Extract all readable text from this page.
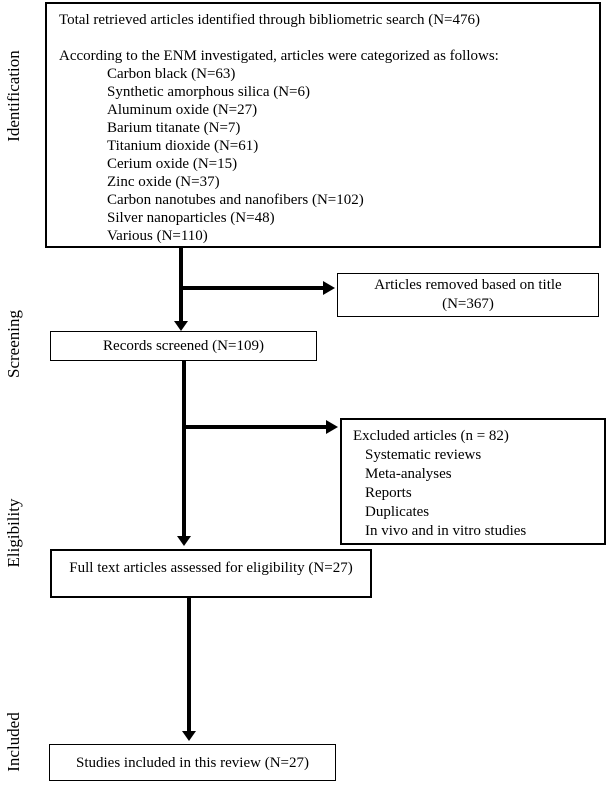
Identification
Screening
Eligibility
Included
Total retrieved articles identified through bibliometric search (N=476)
According to the ENM investigated, articles were categorized as follows:
Carbon black (N=63)
Synthetic amorphous silica (N=6)
Aluminum oxide (N=27)
Barium titanate (N=7)
Titanium dioxide (N=61)
Cerium oxide (N=15)
Zinc oxide (N=37)
Carbon nanotubes and nanofibers (N=102)
Silver nanoparticles (N=48)
Various (N=110)
Articles removed based on title
(N=367)
Records screened (N=109)
Excluded articles (n = 82)
Systematic reviews
Meta-analyses
Reports
Duplicates
In vivo and in vitro studies
Full text articles assessed for eligibility (N=27)
Studies included in this review (N=27)
